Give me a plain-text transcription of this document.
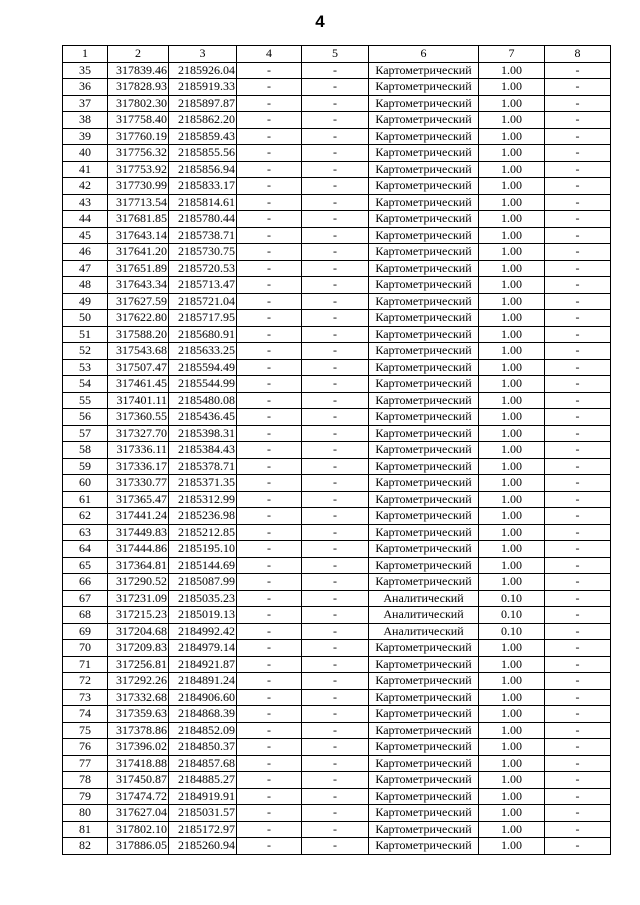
4
1	2	3	4	5	6	7	8
35	317839.46	2185926.04	-	-	Картометрический	1.00	-
36	317828.93	2185919.33	-	-	Картометрический	1.00	-
37	317802.30	2185897.87	-	-	Картометрический	1.00	-
38	317758.40	2185862.20	-	-	Картометрический	1.00	-
39	317760.19	2185859.43	-	-	Картометрический	1.00	-
40	317756.32	2185855.56	-	-	Картометрический	1.00	-
41	317753.92	2185856.94	-	-	Картометрический	1.00	-
42	317730.99	2185833.17	-	-	Картометрический	1.00	-
43	317713.54	2185814.61	-	-	Картометрический	1.00	-
44	317681.85	2185780.44	-	-	Картометрический	1.00	-
45	317643.14	2185738.71	-	-	Картометрический	1.00	-
46	317641.20	2185730.75	-	-	Картометрический	1.00	-
47	317651.89	2185720.53	-	-	Картометрический	1.00	-
48	317643.34	2185713.47	-	-	Картометрический	1.00	-
49	317627.59	2185721.04	-	-	Картометрический	1.00	-
50	317622.80	2185717.95	-	-	Картометрический	1.00	-
51	317588.20	2185680.91	-	-	Картометрический	1.00	-
52	317543.68	2185633.25	-	-	Картометрический	1.00	-
53	317507.47	2185594.49	-	-	Картометрический	1.00	-
54	317461.45	2185544.99	-	-	Картометрический	1.00	-
55	317401.11	2185480.08	-	-	Картометрический	1.00	-
56	317360.55	2185436.45	-	-	Картометрический	1.00	-
57	317327.70	2185398.31	-	-	Картометрический	1.00	-
58	317336.11	2185384.43	-	-	Картометрический	1.00	-
59	317336.17	2185378.71	-	-	Картометрический	1.00	-
60	317330.77	2185371.35	-	-	Картометрический	1.00	-
61	317365.47	2185312.99	-	-	Картометрический	1.00	-
62	317441.24	2185236.98	-	-	Картометрический	1.00	-
63	317449.83	2185212.85	-	-	Картометрический	1.00	-
64	317444.86	2185195.10	-	-	Картометрический	1.00	-
65	317364.81	2185144.69	-	-	Картометрический	1.00	-
66	317290.52	2185087.99	-	-	Картометрический	1.00	-
67	317231.09	2185035.23	-	-	Аналитический	0.10	-
68	317215.23	2185019.13	-	-	Аналитический	0.10	-
69	317204.68	2184992.42	-	-	Аналитический	0.10	-
70	317209.83	2184979.14	-	-	Картометрический	1.00	-
71	317256.81	2184921.87	-	-	Картометрический	1.00	-
72	317292.26	2184891.24	-	-	Картометрический	1.00	-
73	317332.68	2184906.60	-	-	Картометрический	1.00	-
74	317359.63	2184868.39	-	-	Картометрический	1.00	-
75	317378.86	2184852.09	-	-	Картометрический	1.00	-
76	317396.02	2184850.37	-	-	Картометрический	1.00	-
77	317418.88	2184857.68	-	-	Картометрический	1.00	-
78	317450.87	2184885.27	-	-	Картометрический	1.00	-
79	317474.72	2184919.91	-	-	Картометрический	1.00	-
80	317627.04	2185031.57	-	-	Картометрический	1.00	-
81	317802.10	2185172.97	-	-	Картометрический	1.00	-
82	317886.05	2185260.94	-	-	Картометрический	1.00	-
